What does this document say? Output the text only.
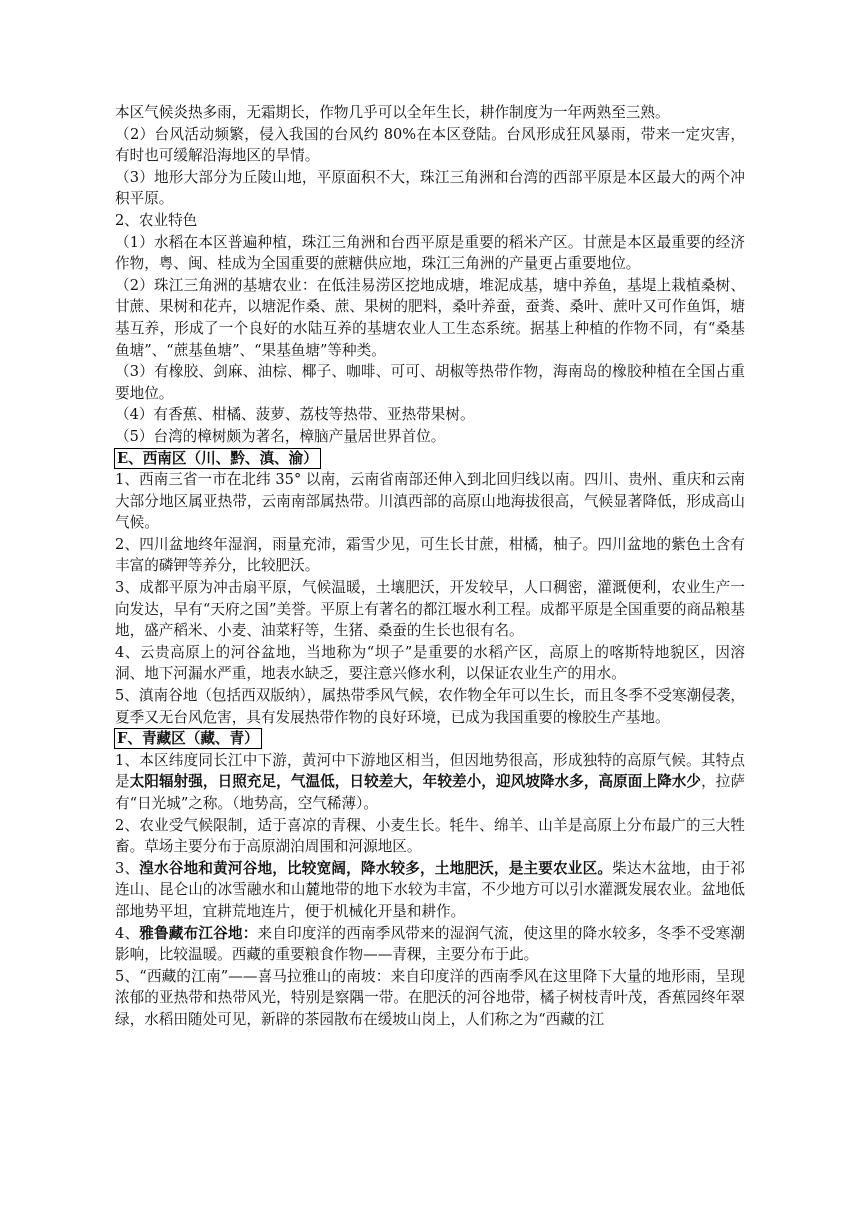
本区气候炎热多雨，无霜期长，作物几乎可以全年生长，耕作制度为一年两熟至三熟。

（2）台风活动频繁，侵入我国的台风约 80%在本区登陆。台风形成狂风暴雨，带来一定灾害，有时也可缓解沿海地区的旱情。

（3）地形大部分为丘陵山地，平原面积不大，珠江三角洲和台湾的西部平原是本区最大的两个冲积平原。

2、农业特色

（1）水稻在本区普遍种植，珠江三角洲和台西平原是重要的稻米产区。甘蔗是本区最重要的经济作物，粤、闽、桂成为全国重要的蔗糖供应地，珠江三角洲的产量更占重要地位。

（2）珠江三角洲的基塘农业：在低洼易涝区挖地成塘，堆泥成基，塘中养鱼，基堤上栽植桑树、甘蔗、果树和花卉，以塘泥作桑、蔗、果树的肥料，桑叶养蚕，蚕粪、桑叶、蔗叶又可作鱼饵，塘基互养，形成了一个良好的水陆互养的基塘农业人工生态系统。据基上种植的作物不同，有“桑基鱼塘”、“蔗基鱼塘”、“果基鱼塘”等种类。

（3）有橡胶、剑麻、油棕、椰子、咖啡、可可、胡椒等热带作物，海南岛的橡胶种植在全国占重要地位。

（4）有香蕉、柑橘、菠萝、荔枝等热带、亚热带果树。

（5）台湾的樟树颇为著名，樟脑产量居世界首位。

E、西南区（川、黔、滇、渝）

1、西南三省一市在北纬 35° 以南，云南省南部还伸入到北回归线以南。四川、贵州、重庆和云南大部分地区属亚热带，云南南部属热带。川滇西部的高原山地海拔很高，气候显著降低，形成高山气候。

2、四川盆地终年湿润，雨量充沛，霜雪少见，可生长甘蔗，柑橘，柚子。四川盆地的紫色土含有丰富的磷钾等养分，比较肥沃。

3、成都平原为冲击扇平原，气候温暖，土壤肥沃，开发较早，人口稠密，灌溉便利，农业生产一向发达，早有“天府之国”美誉。平原上有著名的都江堰水利工程。成都平原是全国重要的商品粮基地，盛产稻米、小麦、油菜籽等，生猪、桑蚕的生长也很有名。

4、云贵高原上的河谷盆地，当地称为“坝子”是重要的水稻产区，高原上的喀斯特地貌区，因溶洞、地下河漏水严重，地表水缺乏，要注意兴修水利，以保证农业生产的用水。

5、滇南谷地（包括西双版纳），属热带季风气候，农作物全年可以生长，而且冬季不受寒潮侵袭，夏季又无台风危害，具有发展热带作物的良好环境，已成为我国重要的橡胶生产基地。

F、青藏区（藏、青）

1、本区纬度同长江中下游，黄河中下游地区相当，但因地势很高，形成独特的高原气候。其特点是太阳辐射强，日照充足，气温低，日较差大，年较差小，迎风坡降水多，高原面上降水少，拉萨有“日光城”之称。（地势高，空气稀薄）。

2、农业受气候限制，适于喜凉的青稞、小麦生长。牦牛、绵羊、山羊是高原上分布最广的三大牲畜。草场主要分布于高原湖泊周围和河源地区。

3、湟水谷地和黄河谷地，比较宽阔，降水较多，土地肥沃，是主要农业区。柴达木盆地，由于祁连山、昆仑山的冰雪融水和山麓地带的地下水较为丰富，不少地方可以引水灌溉发展农业。盆地低部地势平坦，宜耕荒地连片，便于机械化开垦和耕作。

4、雅鲁藏布江谷地：来自印度洋的西南季风带来的湿润气流，使这里的降水较多，冬季不受寒潮影响，比较温暖。西藏的重要粮食作物——青稞，主要分布于此。

5、“西藏的江南”——喜马拉雅山的南坡：来自印度洋的西南季风在这里降下大量的地形雨，呈现浓郁的亚热带和热带风光，特别是察隅一带。在肥沃的河谷地带，橘子树枝青叶茂，香蕉园终年翠绿，水稻田随处可见，新辟的茶园散布在缓坡山岗上，人们称之为“西藏的江
